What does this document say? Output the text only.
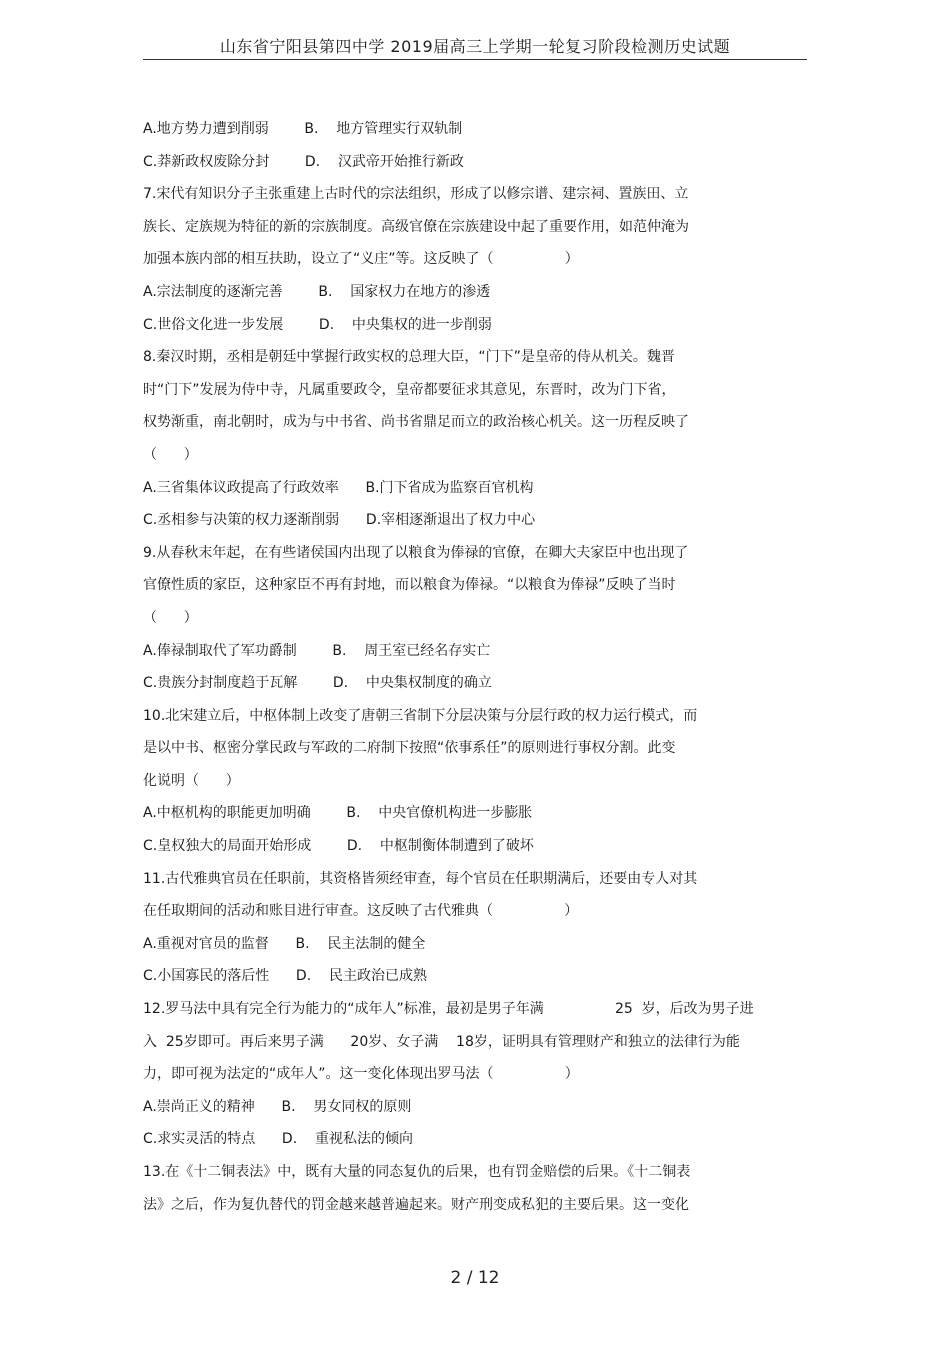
山东省宁阳县第四中学 2019届高三上学期一轮复习阶段检测历史试题

A.地方势力遭到削弱        B.    地方管理实行双轨制

C.莽新政权废除分封        D.    汉武帝开始推行新政

7.宋代有知识分子主张重建上古时代的宗法组织，形成了以修宗谱、建宗祠、置族田、立

族长、定族规为特征的新的宗族制度。高级官僚在宗族建设中起了重要作用，如范仲淹为

加强本族内部的相互扶助，设立了“义庄”等。这反映了（                ）

A.宗法制度的逐渐完善        B.    国家权力在地方的渗透

C.世俗文化进一步发展        D.    中央集权的进一步削弱

8.秦汉时期，丞相是朝廷中掌握行政实权的总理大臣，“门下”是皇帝的侍从机关。魏晋

时“门下”发展为侍中寺，凡属重要政令，皇帝都要征求其意见，东晋时，改为门下省，

权势渐重，南北朝时，成为与中书省、尚书省鼎足而立的政治核心机关。这一历程反映了

（      ）

A.三省集体议政提高了行政效率      B.门下省成为监察百官机构

C.丞相参与决策的权力逐渐削弱      D.宰相逐渐退出了权力中心

9.从春秋末年起，在有些诸侯国内出现了以粮食为俸禄的官僚，在卿大夫家臣中也出现了

官僚性质的家臣，这种家臣不再有封地，而以粮食为俸禄。“以粮食为俸禄”反映了当时

（      ）

A.俸禄制取代了军功爵制        B.    周王室已经名存实亡

C.贵族分封制度趋于瓦解        D.    中央集权制度的确立

10.北宋建立后，中枢体制上改变了唐朝三省制下分层决策与分层行政的权力运行模式，而

是以中书、枢密分掌民政与军政的二府制下按照“依事系任”的原则进行事权分割。此变

化说明（      ）

A.中枢机构的职能更加明确        B.    中央官僚机构进一步膨胀

C.皇权独大的局面开始形成        D.    中枢制衡体制遭到了破坏

11.古代雅典官员在任职前，其资格皆须经审查，每个官员在任职期满后，还要由专人对其

在任取期间的活动和账目进行审查。这反映了古代雅典（                ）

A.重视对官员的监督      B.    民主法制的健全

C.小国寡民的落后性      D.    民主政治已成熟

12.罗马法中具有完全行为能力的“成年人”标准，最初是男子年满                25  岁，后改为男子进

入  25岁即可。再后来男子满      20岁、女子满    18岁，证明具有管理财产和独立的法律行为能

力，即可视为法定的“成年人”。这一变化体现出罗马法（                ）

A.崇尚正义的精神      B.    男女同权的原则

C.求实灵活的特点      D.    重视私法的倾向

13.在《十二铜表法》中，既有大量的同态复仇的后果，也有罚金赔偿的后果。《十二铜表

法》之后，作为复仇替代的罚金越来越普遍起来。财产刑变成私犯的主要后果。这一变化

2 / 12
